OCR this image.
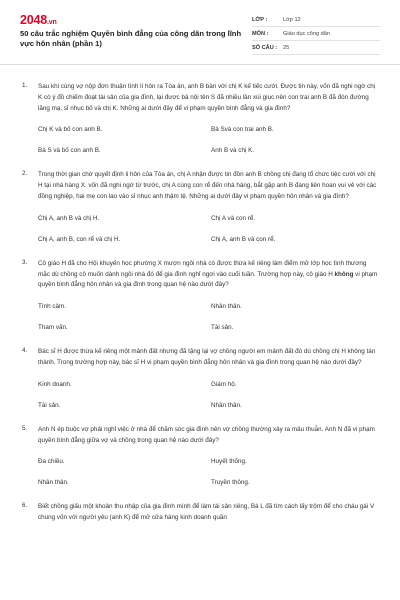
2048.vn
50 câu trắc nghiệm Quyền bình đẳng của công dân trong lĩnh vực hôn nhân (phần 1)
LỚP :	Lớp 12
MÔN :	Giáo dục công dân
SỐ CÂU :	25
1. Sau khi cùng vợ nộp đơn thuận tình lí hôn ra Tòa án, anh B bàn với chị K kế tiếc cưới. Được tin này, vốn đã nghi ngờ chị K có ý đồ chiếm đoạt tài sản của gia đình, lại được bà nội tên S đã nhiều lần xúi giục nên con trai anh B đã đón đường lăng mạ, sỉ nhục bố và chị K. Những ai dưới đây để vi phạm quyền bình đẳng và gia đình?

Chị K và bố con anh B.	Bà Svà con trai anh B.
Bà S và bố con anh B.	Anh B và chị K.
2. Trong thời gian chờ quyết định li hôn của Tòa án, chị A nhận được tin đồn anh B chồng chị đang tổ chức tiệc cưới với chị H tại nhà hàng X. vốn đã nghi ngờ từ trước, chị A cùng con rể đến nhà hàng, bắt gặp anh B đang liên hoan vui vẻ với các đồng nghiệp, hai mẹ con lao vào sỉ nhục anh thậm tệ. Những ai dưới đây vi phạm quyền hôn nhân và gia đình?

Chị A, anh B và chị H.	Chị A và con rể.
Chị A, anh B, con rể và chị H.	Chị A, anh B và con rể.
3. Cô giáo H đã cho Hội khuyến học phường X mượn ngôi nhà có được thừa kế riêng làm điểm mở lớp học tình thương mặc dù chồng cô muốn dành ngôi nhà đó để gia đình nghỉ ngơi vào cuối tuần. Trường hợp này, cô giáo H không vi phạm quyền bình đẳng hôn nhân và gia đình trong quan hệ nào dưới đây?

Tình cảm.	Nhân thân.
Tham vấn.	Tài sản.
4. Bác sĩ H được thừa kế riêng một mảnh đất nhưng đã tặng lại vợ chồng người em mảnh đất đó dù chồng chị H không tán thành. Trong trường hợp này, bác sĩ H vi phạm quyền bình đẳng hôn nhân và gia đình trong quan hệ nào dưới đây?

Kinh doanh.	Giám hộ.
Tài sản.	Nhân thân.
5. Anh N ép buộc vợ phải nghỉ việc ở nhà để chăm sóc gia đình nên vợ chồng thường xảy ra mâu thuẫn. Anh N đã vi phạm quyền bình đẳng giữa vợ và chồng trong quan hệ nào dưới đây?

Đa chiều.	Huyết thống.
Nhân thân.	Truyền thông.
6. Biết chồng giấu một khoản thu nhập của gia đình mình để làm tài sản riêng, Bà L đã tìm cách lấy trộm để cho cháu gái V chung vốn với người yêu (anh K) để mở cửa hàng kinh doanh quần
